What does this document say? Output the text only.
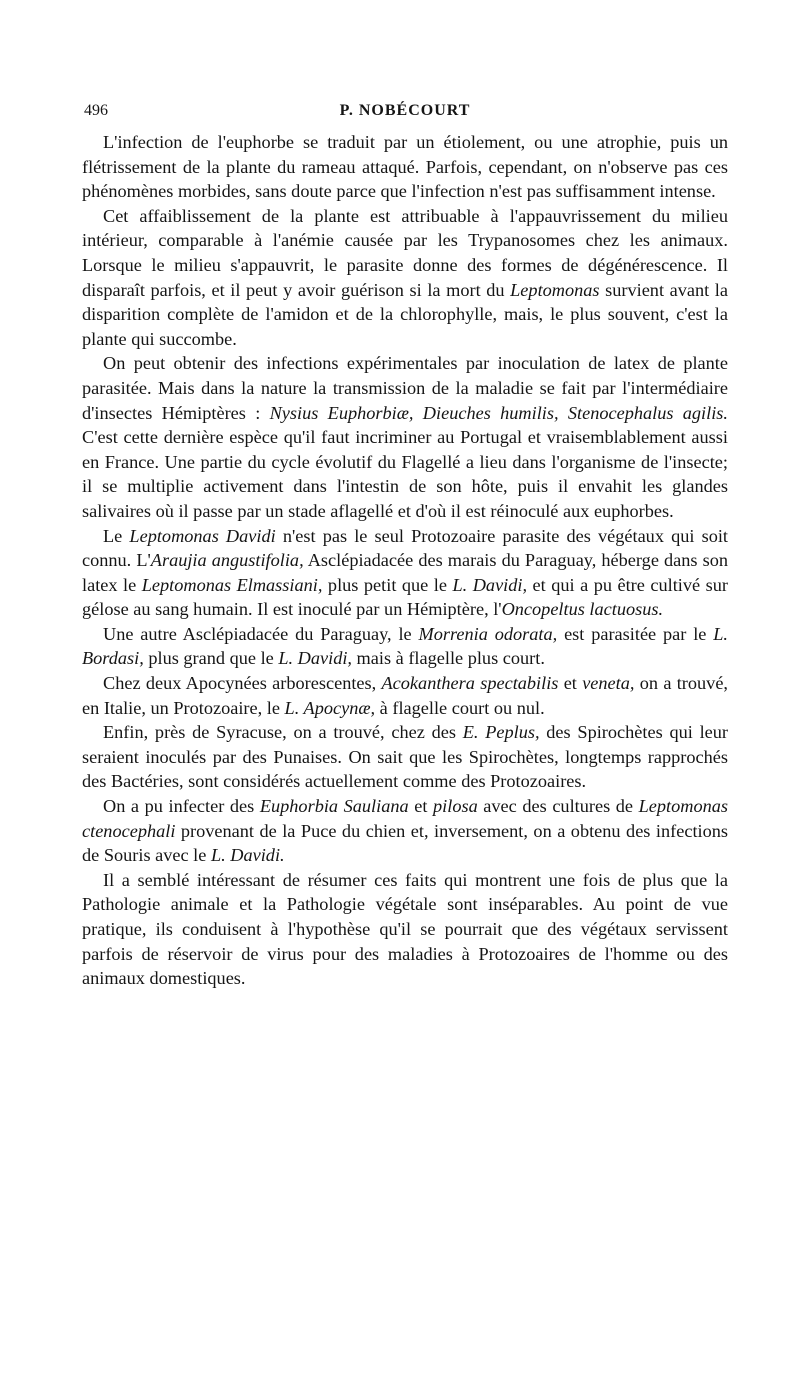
496	P. NOBÉCOURT

L'infection de l'euphorbe se traduit par un étiolement, ou une atrophie, puis un flétrissement de la plante du rameau attaqué. Parfois, cependant, on n'observe pas ces phénomènes morbides, sans doute parce que l'infection n'est pas suffisamment intense.

Cet affaiblissement de la plante est attribuable à l'appauvrissement du milieu intérieur, comparable à l'anémie causée par les Trypanosomes chez les animaux. Lorsque le milieu s'appauvrit, le parasite donne des formes de dégénérescence. Il disparaît parfois, et il peut y avoir guérison si la mort du Leptomonas survient avant la disparition complète de l'amidon et de la chlorophylle, mais, le plus souvent, c'est la plante qui succombe.

On peut obtenir des infections expérimentales par inoculation de latex de plante parasitée. Mais dans la nature la transmission de la maladie se fait par l'intermédiaire d'insectes Hémiptères : Nysius Euphorbiæ, Dieuches humilis, Stenocephalus agilis. C'est cette dernière espèce qu'il faut incriminer au Portugal et vraisemblablement aussi en France. Une partie du cycle évolutif du Flagellé a lieu dans l'organisme de l'insecte; il se multiplie activement dans l'intestin de son hôte, puis il envahit les glandes salivaires où il passe par un stade aflagellé et d'où il est réinoculé aux euphorbes.

Le Leptomonas Davidi n'est pas le seul Protozoaire parasite des végétaux qui soit connu. L'Araujia angustifolia, Asclépiadacée des marais du Paraguay, héberge dans son latex le Leptomonas Elmassiani, plus petit que le L. Davidi, et qui a pu être cultivé sur gélose au sang humain. Il est inoculé par un Hémiptère, l'Oncopeltus lactuosus.

Une autre Asclépiadacée du Paraguay, le Morrenia odorata, est parasitée par le L. Bordasi, plus grand que le L. Davidi, mais à flagelle plus court.

Chez deux Apocynées arborescentes, Acokanthera spectabilis et veneta, on a trouvé, en Italie, un Protozoaire, le L. Apocynæ, à flagelle court ou nul.

Enfin, près de Syracuse, on a trouvé, chez des E. Peplus, des Spirochètes qui leur seraient inoculés par des Punaises. On sait que les Spirochètes, longtemps rapprochés des Bactéries, sont considérés actuellement comme des Protozoaires.

On a pu infecter des Euphorbia Sauliana et pilosa avec des cultures de Leptomonas ctenocephali provenant de la Puce du chien et, inversement, on a obtenu des infections de Souris avec le L. Davidi.

Il a semblé intéressant de résumer ces faits qui montrent une fois de plus que la Pathologie animale et la Pathologie végétale sont inséparables. Au point de vue pratique, ils conduisent à l'hypothèse qu'il se pourrait que des végétaux servissent parfois de réservoir de virus pour des maladies à Protozoaires de l'homme ou des animaux domestiques.
